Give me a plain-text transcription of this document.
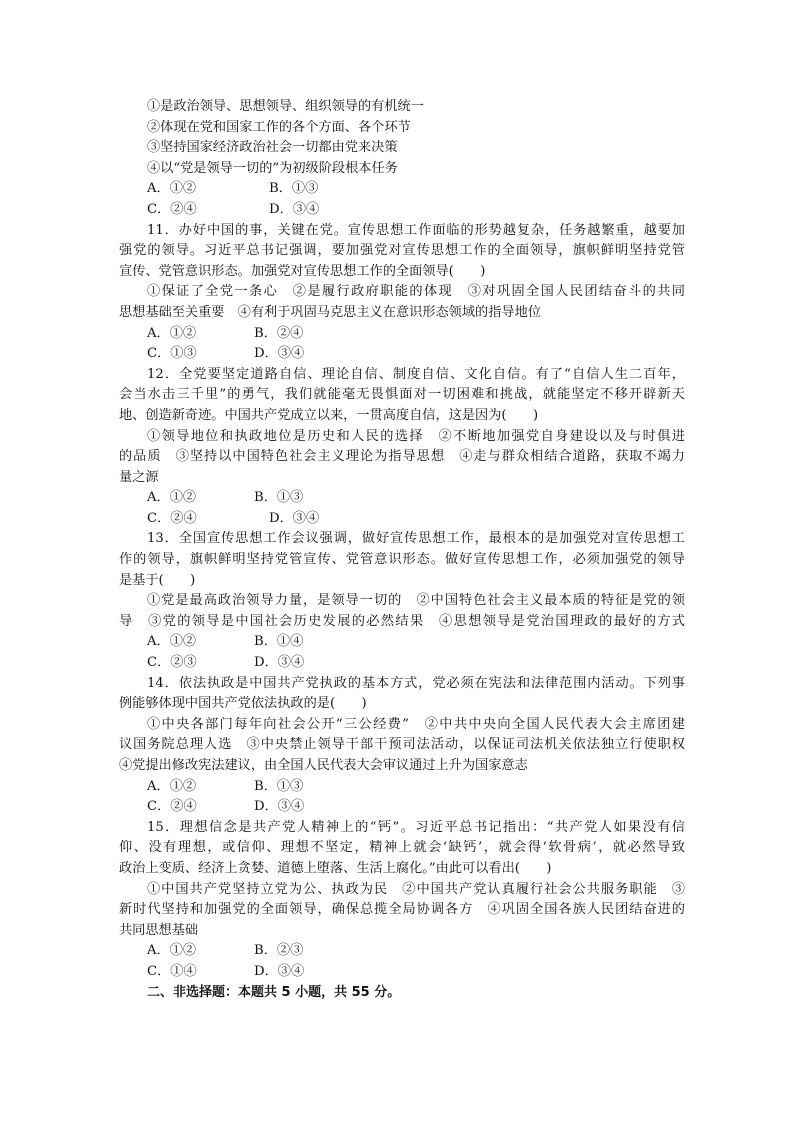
①是政治领导、思想领导、组织领导的有机统一
②体现在党和国家工作的各个方面、各个环节
③坚持国家经济政治社会一切都由党来决策
④以“党是领导一切的”为初级阶段根本任务
A．①②	B．①③
C．②④	D．③④
11．办好中国的事，关键在党。宣传思想工作面临的形势越复杂，任务越繁重，越要加
强党的领导。习近平总书记强调，要加强党对宣传思想工作的全面领导，旗帜鲜明坚持党管
宣传、党管意识形态。加强党对宣传思想工作的全面领导(　　)
①保证了全党一条心　②是履行政府职能的体现　③对巩固全国人民团结奋斗的共同
思想基础至关重要　④有利于巩固马克思主义在意识形态领域的指导地位
A．①②	B．②④
C．①③	D．③④
12．全党要坚定道路自信、理论自信、制度自信、文化自信。有了“自信人生二百年，
会当水击三千里”的勇气，我们就能毫无畏惧面对一切困难和挑战，就能坚定不移开辟新天
地、创造新奇迹。中国共产党成立以来，一贯高度自信，这是因为(　　)
①领导地位和执政地位是历史和人民的选择　②不断地加强党自身建设以及与时俱进
的品质　③坚持以中国特色社会主义理论为指导思想　④走与群众相结合道路，获取不竭力
量之源
A．①②	B．①③
C．②④	D．③④
13．全国宣传思想工作会议强调，做好宣传思想工作，最根本的是加强党对宣传思想工
作的领导，旗帜鲜明坚持党管宣传、党管意识形态。做好宣传思想工作，必须加强党的领导
是基于(　　)
①党是最高政治领导力量，是领导一切的　②中国特色社会主义最本质的特征是党的领
导　③党的领导是中国社会历史发展的必然结果　④思想领导是党治国理政的最好的方式
A．①②	B．①④
C．②③	D．③④
14．依法执政是中国共产党执政的基本方式，党必须在宪法和法律范围内活动。下列事
例能够体现中国共产党依法执政的是(　　)
①中央各部门每年向社会公开“三公经费”　②中共中央向全国人民代表大会主席团建
议国务院总理人选　③中央禁止领导干部干预司法活动，以保证司法机关依法独立行使职权
④党提出修改宪法建议，由全国人民代表大会审议通过上升为国家意志
A．①②	B．①③
C．②④	D．③④
15．理想信念是共产党人精神上的“钙”。习近平总书记指出：“共产党人如果没有信
仰、没有理想，或信仰、理想不坚定，精神上就会‘缺钙’，就会得‘软骨病’，就必然导致
政治上变质、经济上贪婪、道德上堕落、生活上腐化。”由此可以看出(　　)
①中国共产党坚持立党为公、执政为民　②中国共产党认真履行社会公共服务职能　③
新时代坚持和加强党的全面领导，确保总揽全局协调各方　④巩固全国各族人民团结奋进的
共同思想基础
A．①②	B．②③
C．①④	D．③④
二、非选择题：本题共 5 小题，共 55 分。
